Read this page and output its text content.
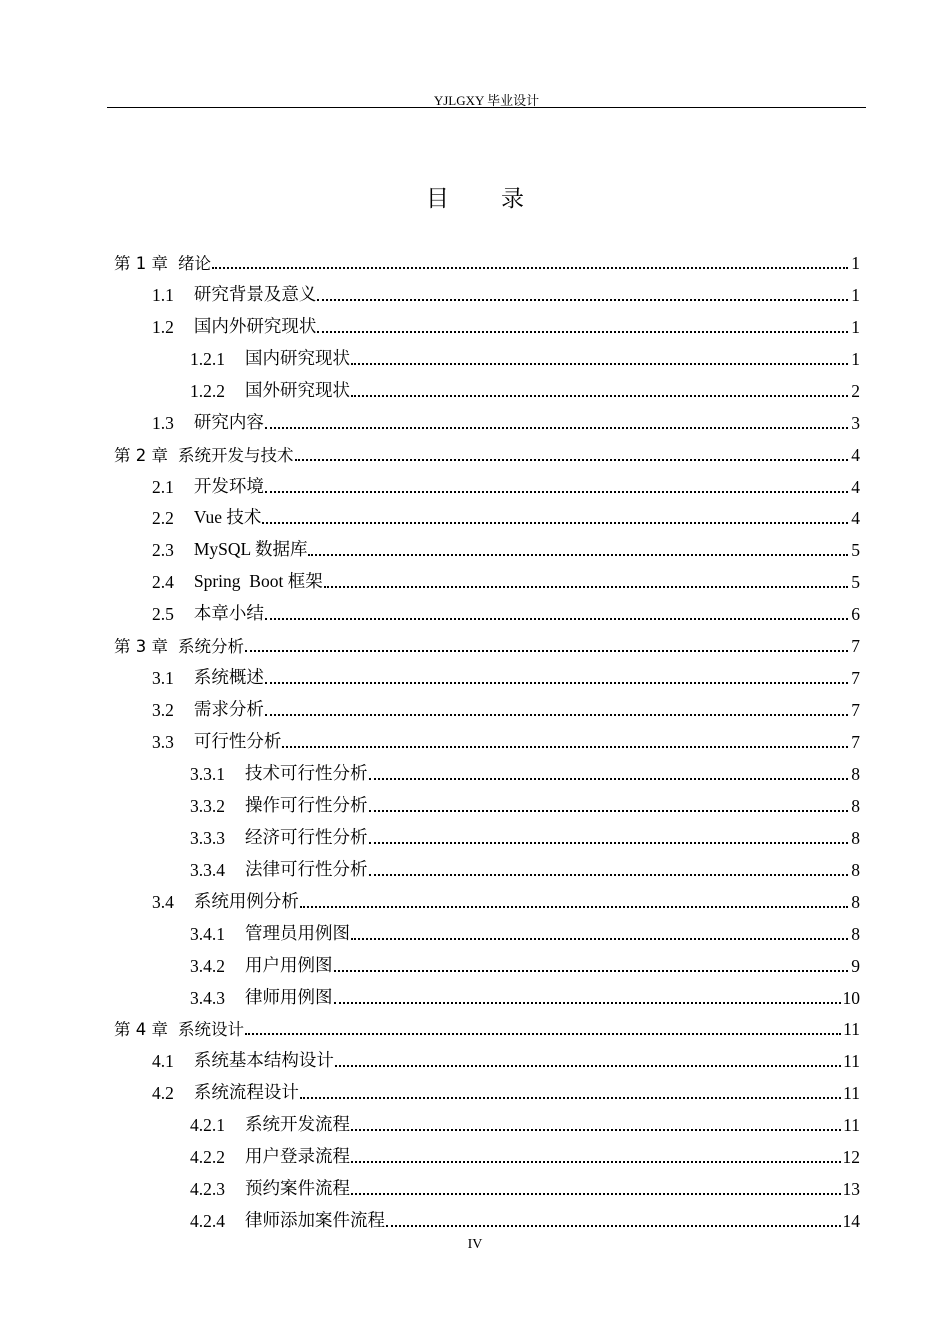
YJLGXY 毕业设计
目录
第 1 章 绪论	1
1.1 研究背景及意义	1
1.2 国内外研究现状	1
1.2.1 国内研究现状	1
1.2.2 国外研究现状	2
1.3 研究内容	3
第 2 章 系统开发与技术	4
2.1 开发环境	4
2.2 Vue 技术	4
2.3 MySQL 数据库	5
2.4 Spring  Boot 框架	5
2.5 本章小结	6
第 3 章 系统分析	7
3.1 系统概述	7
3.2 需求分析	7
3.3 可行性分析	7
3.3.1 技术可行性分析	8
3.3.2 操作可行性分析	8
3.3.3 经济可行性分析	8
3.3.4 法律可行性分析	8
3.4 系统用例分析	8
3.4.1 管理员用例图	8
3.4.2 用户用例图	9
3.4.3 律师用例图	10
第 4 章 系统设计	11
4.1 系统基本结构设计	11
4.2 系统流程设计	11
4.2.1 系统开发流程	11
4.2.2 用户登录流程	12
4.2.3 预约案件流程	13
4.2.4 律师添加案件流程	14
IV
